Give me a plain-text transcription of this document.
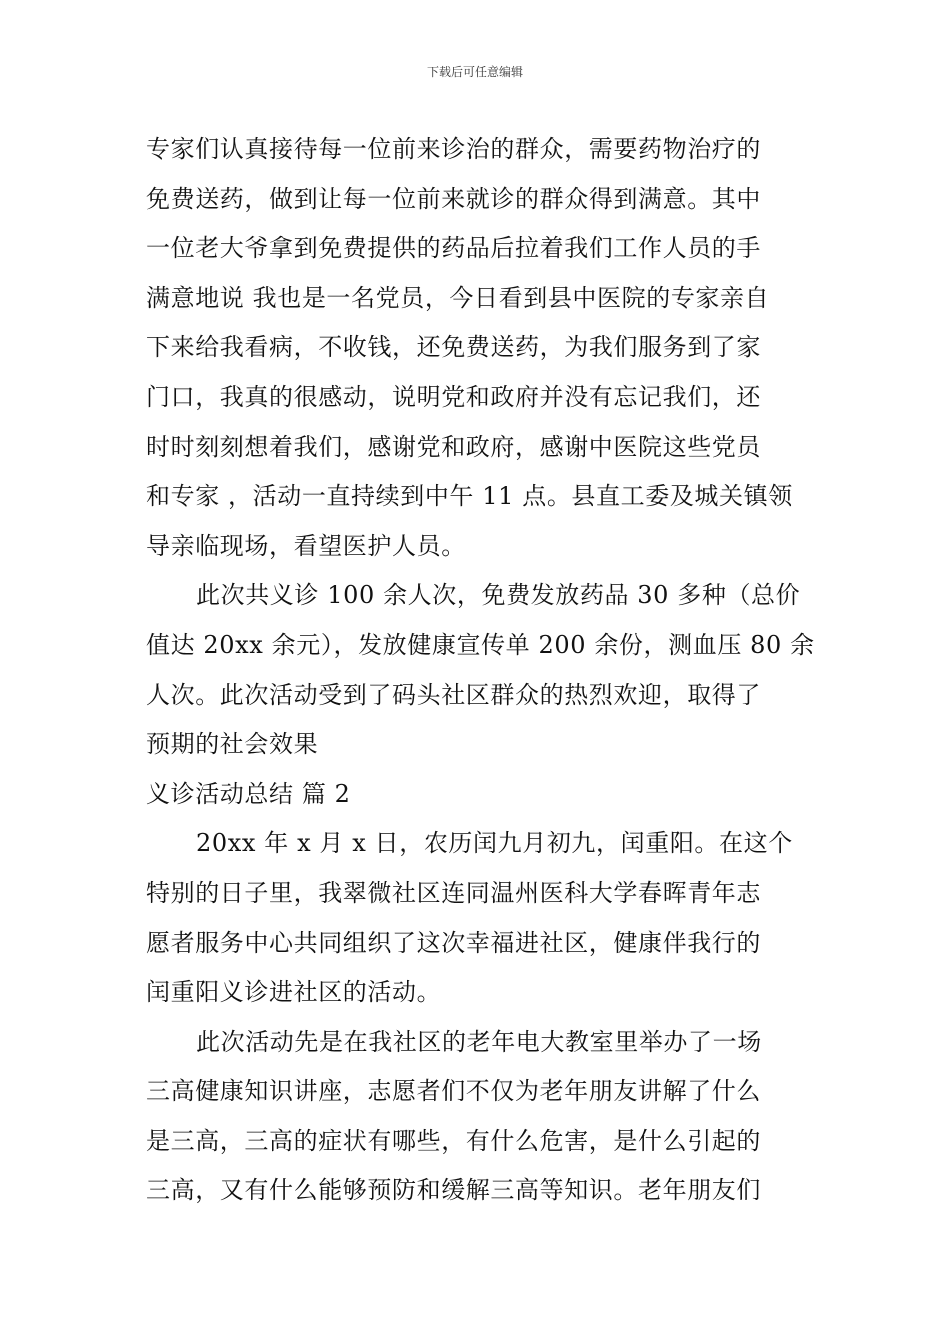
下载后可任意编辑
专家们认真接待每一位前来诊治的群众，需要药物治疗的
免费送药，做到让每一位前来就诊的群众得到满意。其中
一位老大爷拿到免费提供的药品后拉着我们工作人员的手
满意地说 我也是一名党员，今日看到县中医院的专家亲自
下来给我看病，不收钱，还免费送药，为我们服务到了家
门口，我真的很感动，说明党和政府并没有忘记我们，还
时时刻刻想着我们，感谢党和政府，感谢中医院这些党员
和专家 ，活动一直持续到中午 11 点。县直工委及城关镇领
导亲临现场，看望医护人员。
此次共义诊 100 余人次，免费发放药品 30 多种（总价
值达 20xx 余元），发放健康宣传单 200 余份，测血压 80 余
人次。此次活动受到了码头社区群众的热烈欢迎，取得了
预期的社会效果
义诊活动总结 篇 2
20xx 年 x 月 x 日，农历闰九月初九，闰重阳。在这个
特别的日子里，我翠微社区连同温州医科大学春晖青年志
愿者服务中心共同组织了这次幸福进社区，健康伴我行的
闰重阳义诊进社区的活动。
此次活动先是在我社区的老年电大教室里举办了一场
三高健康知识讲座，志愿者们不仅为老年朋友讲解了什么
是三高，三高的症状有哪些，有什么危害，是什么引起的
三高，又有什么能够预防和缓解三高等知识。老年朋友们
